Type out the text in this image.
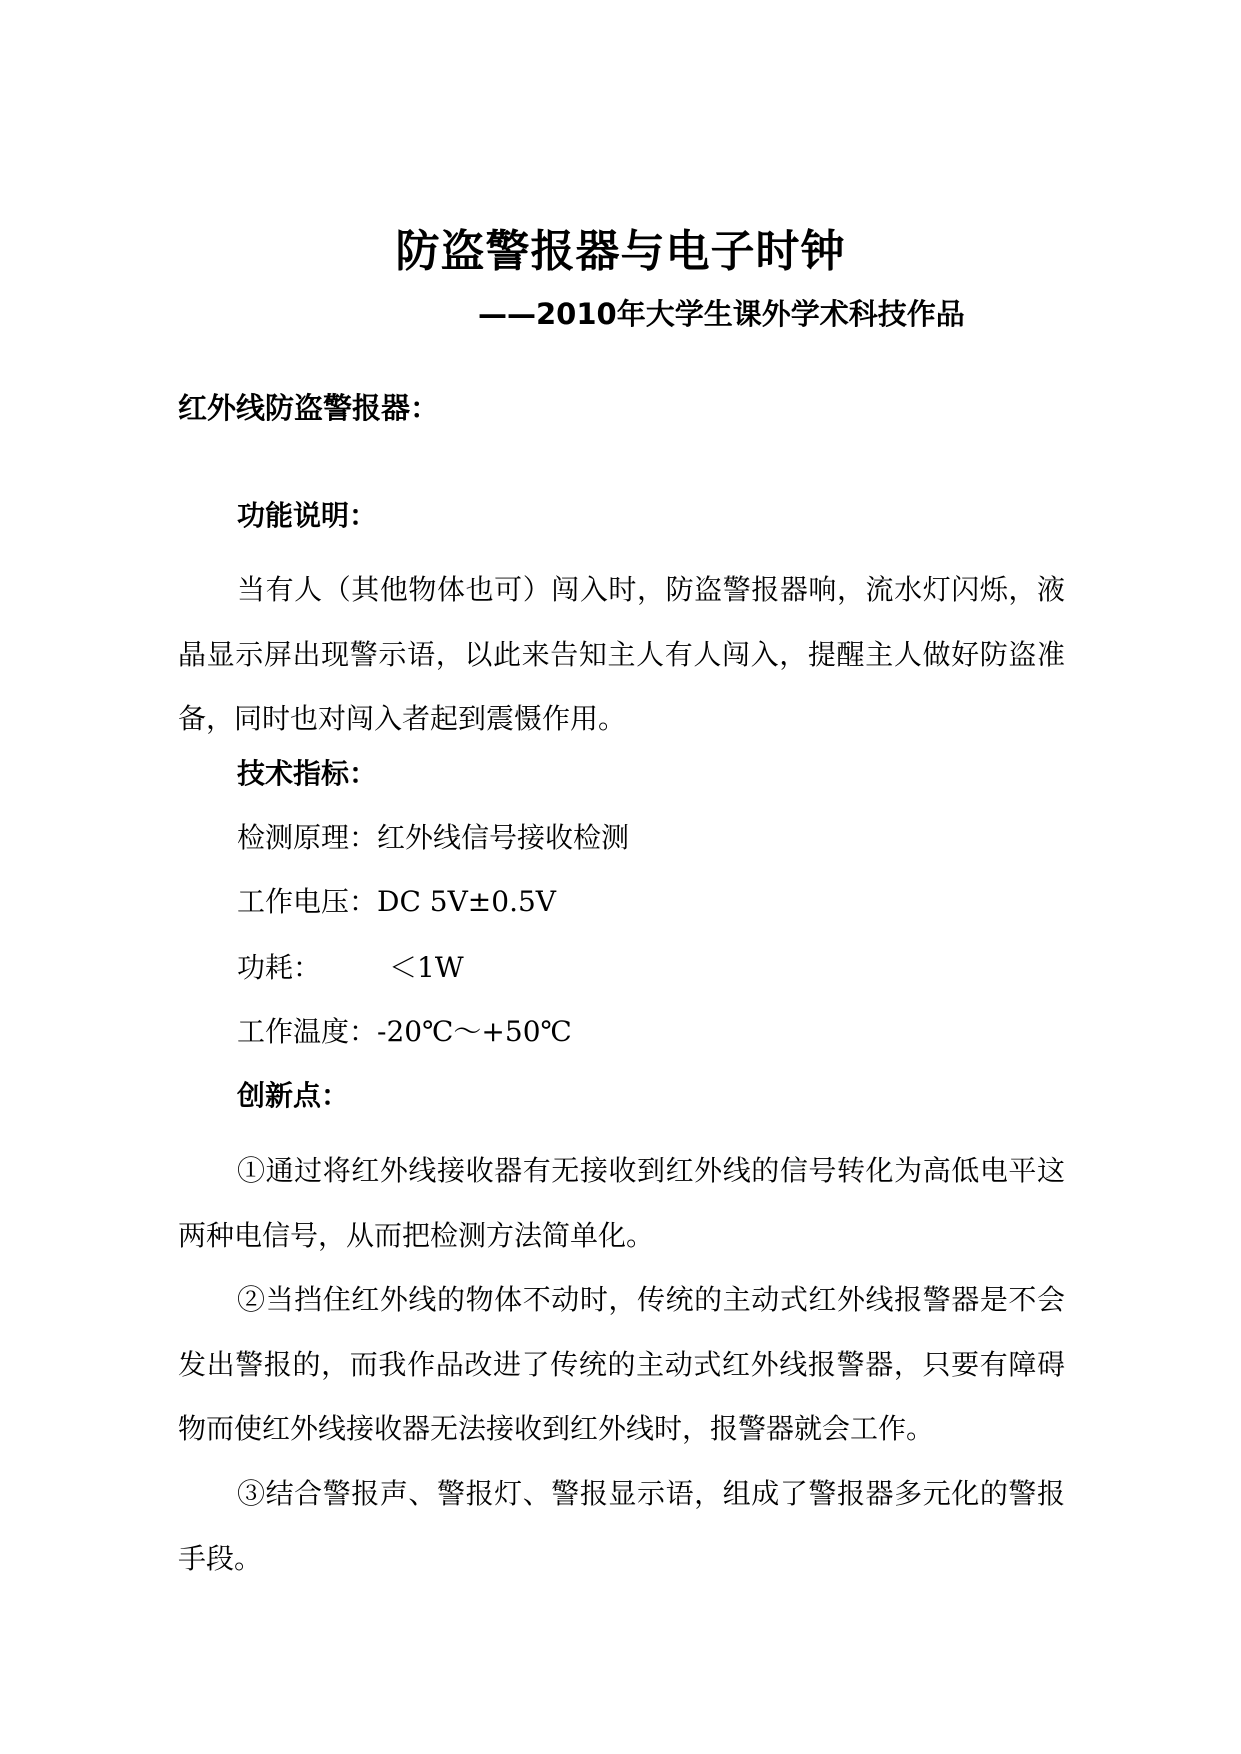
防盗警报器与电子时钟
——2010年大学生课外学术科技作品
红外线防盗警报器：
功能说明：

当有人（其他物体也可）闯入时，防盗警报器响，流水灯闪烁，液晶显示屏出现警示语，以此来告知主人有人闯入，提醒主人做好防盗准备，同时也对闯入者起到震慑作用。

技术指标：
检测原理：红外线信号接收检测
工作电压：DC 5V±0.5V
功耗： ＜1W
工作温度：-20℃～+50℃
创新点：

①通过将红外线接收器有无接收到红外线的信号转化为高低电平这两种电信号，从而把检测方法简单化。

②当挡住红外线的物体不动时，传统的主动式红外线报警器是不会发出警报的，而我作品改进了传统的主动式红外线报警器，只要有障碍物而使红外线接收器无法接收到红外线时，报警器就会工作。

③结合警报声、警报灯、警报显示语，组成了警报器多元化的警报手段。
